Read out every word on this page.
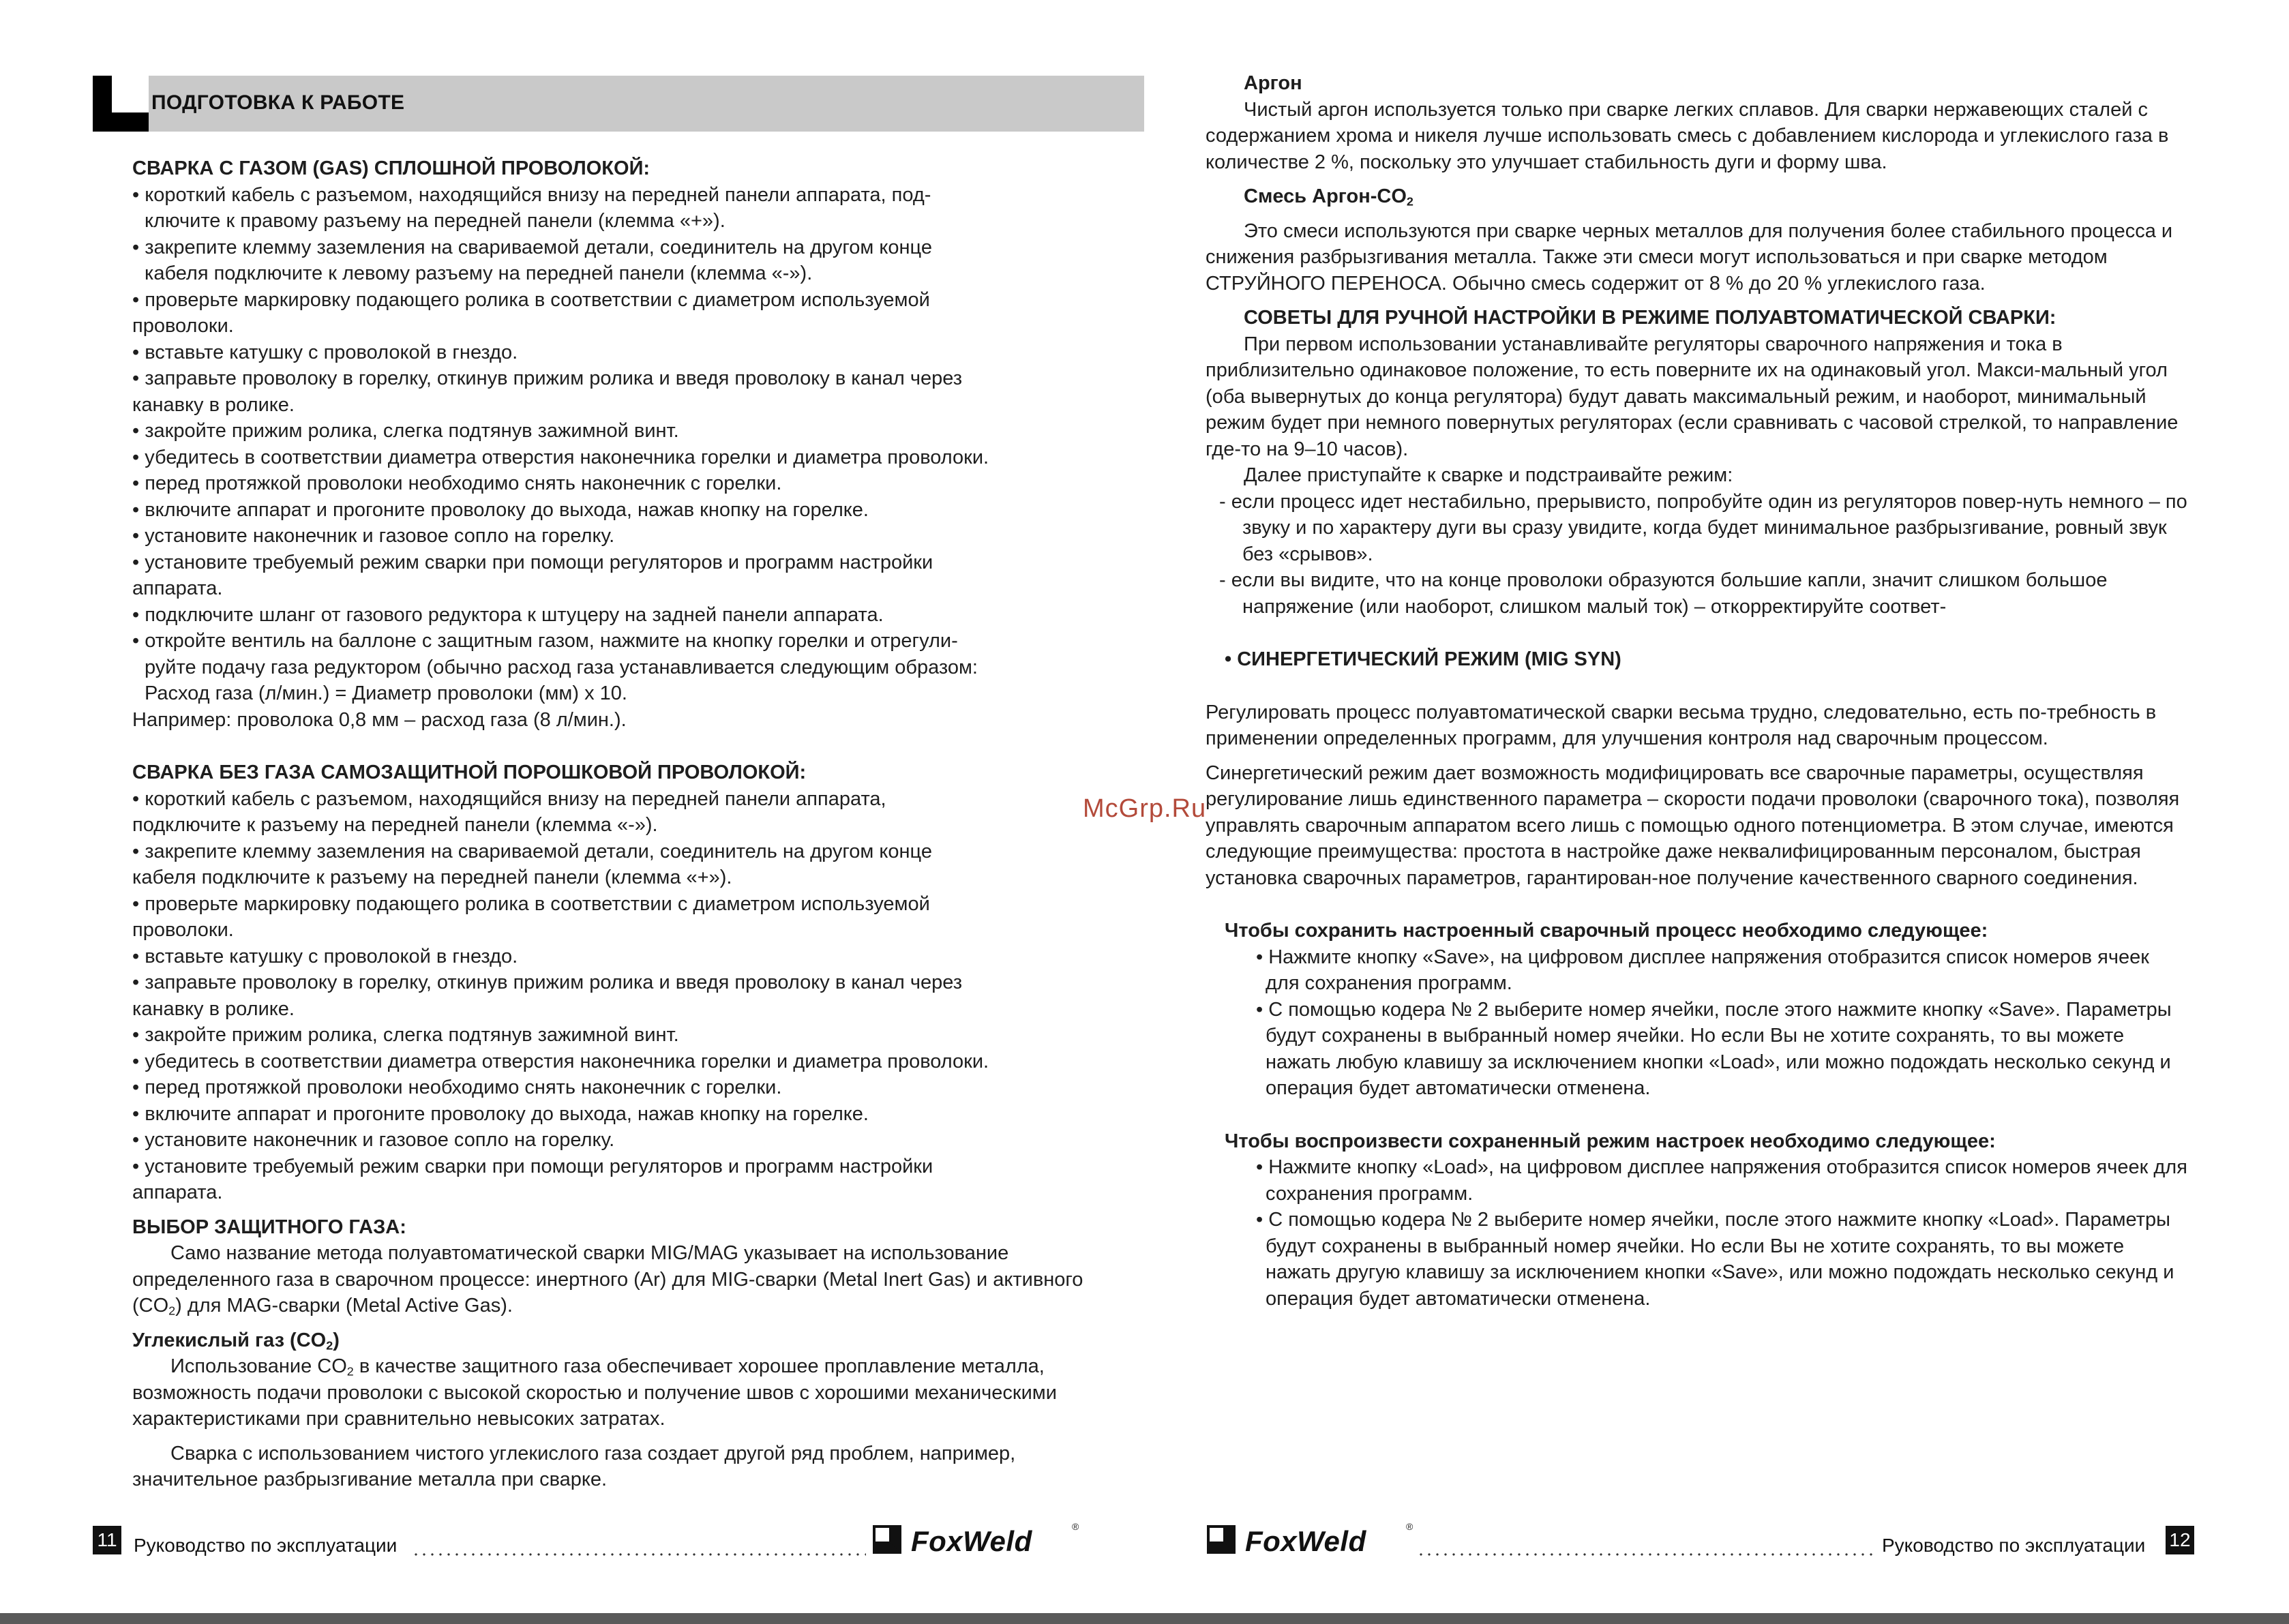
ПОДГОТОВКА К РАБОТЕ

СВАРКА С ГАЗОМ (GAS) СПЛОШНОЙ ПРОВОЛОКОЙ:

• короткий кабель с разъемом, находящийся внизу на передней панели аппарата, под-

ключите к правому разъему на передней панели (клемма «+»).

• закрепите клемму заземления на свариваемой детали, соединитель на другом конце

кабеля подключите к левому разъему на передней панели (клемма «-»).

• проверьте маркировку подающего ролика в соответствии с диаметром используемой

проволоки.

• вставьте катушку с проволокой в гнездо.

• заправьте проволоку в горелку, откинув прижим ролика и введя проволоку в канал через

канавку в ролике.

• закройте прижим ролика, слегка подтянув зажимной винт.

• убедитесь в соответствии диаметра отверстия наконечника горелки и диаметра проволоки.

• перед протяжкой проволоки необходимо снять наконечник с горелки.

• включите аппарат и прогоните проволоку до выхода, нажав кнопку на горелке.

• установите наконечник и газовое сопло на горелку.

• установите требуемый режим сварки при помощи регуляторов и программ настройки

аппарата.

• подключите шланг от газового редуктора к штуцеру на задней панели аппарата.

• откройте вентиль на баллоне с защитным газом, нажмите на кнопку горелки и отрегули-

руйте подачу газа редуктором (обычно расход газа устанавливается следующим образом:

Расход газа (л/мин.) = Диаметр проволоки (мм) x 10.

Например: проволока 0,8 мм – расход газа (8 л/мин.).

СВАРКА БЕЗ ГАЗА САМОЗАЩИТНОЙ ПОРОШКОВОЙ ПРОВОЛОКОЙ:

• короткий кабель с разъемом, находящийся внизу на передней панели аппарата,

подключите к разъему на передней панели (клемма «-»).

• закрепите клемму заземления на свариваемой детали, соединитель на другом конце

кабеля подключите к разъему на передней панели (клемма «+»).

• проверьте маркировку подающего ролика в соответствии с диаметром используемой

проволоки.

• вставьте катушку с проволокой в гнездо.

• заправьте проволоку в горелку, откинув прижим ролика и введя проволоку в канал через

канавку в ролике.

• закройте прижим ролика, слегка подтянув зажимной винт.

• убедитесь в соответствии диаметра отверстия наконечника горелки и диаметра проволоки.

• перед протяжкой проволоки необходимо снять наконечник с горелки.

• включите аппарат и прогоните проволоку до выхода, нажав кнопку на горелке.

• установите наконечник и газовое сопло на горелку.

• установите требуемый режим сварки при помощи регуляторов и программ настройки

аппарата.

ВЫБОР ЗАЩИТНОГО ГАЗА:

Само название метода полуавтоматической сварки MIG/MAG указывает на использование определенного газа в сварочном процессе: инертного (Ar) для MIG-сварки (Metal Inert Gas) и активного $(CO_2)$ для MAG-сварки (Metal Active Gas).

Углекислый газ $(CO_2)$

Использование $CO_2$ в качестве защитного газа обеспечивает хорошее проплавление металла, возможность подачи проволоки с высокой скоростью и получение швов с хорошими механическими характеристиками при сравнительно невысоких затратах.

Сварка с использованием чистого углекислого газа создает другой ряд проблем, например, значительное разбрызгивание металла при сварке.

Аргон

Чистый аргон используется только при сварке легких сплавов. Для сварки нержавеющих сталей с содержанием хрома и никеля лучше использовать смесь с добавлением кислорода и углекислого газа в количестве 2 %, поскольку это улучшает стабильность дуги и форму шва.

Смесь Аргон-$CO_2$

Это смеси используются при сварке черных металлов для получения более стабильного процесса и снижения разбрызгивания металла. Также эти смеси могут использоваться и при сварке методом СТРУЙНОГО ПЕРЕНОСА. Обычно смесь содержит от 8 % до 20 % углекислого газа.

СОВЕТЫ ДЛЯ РУЧНОЙ НАСТРОЙКИ В РЕЖИМЕ ПОЛУАВТОМАТИЧЕСКОЙ СВАРКИ:

При первом использовании устанавливайте регуляторы сварочного напряжения и тока в приблизительно одинаковое положение, то есть поверните их на одинаковый угол. Макси-мальный угол (оба вывернутых до конца регулятора) будут давать максимальный режим, и наоборот, минимальный режим будет при немного повернутых регуляторах (если сравнивать с часовой стрелкой, то направление где-то на 9–10 часов).

Далее приступайте к сварке и подстраивайте режим:

- если процесс идет нестабильно, прерывисто, попробуйте один из регуляторов повер-нуть немного – по звуку и по характеру дуги вы сразу увидите, когда будет минимальное разбрызгивание, ровный звук без «срывов».

- если вы видите, что на конце проволоки образуются большие капли, значит слишком большое напряжение (или наоборот, слишком малый ток) – откорректируйте соответ-

• СИНЕРГЕТИЧЕСКИЙ РЕЖИМ (MIG SYN)

Регулировать процесс полуавтоматической сварки весьма трудно, следовательно, есть по-требность в применении определенных программ, для улучшения контроля над сварочным процессом.

Синергетический режим дает возможность модифицировать все сварочные параметры, осуществляя регулирование лишь единственного параметра – скорости подачи проволоки (сварочного тока), позволяя управлять сварочным аппаратом всего лишь с помощью одного потенциометра. В этом случае, имеются следующие преимущества: простота в настройке даже неквалифицированным персоналом, быстрая установка сварочных параметров, гарантирован-ное получение качественного сварного соединения.

Чтобы сохранить настроенный сварочный процесс необходимо следующее:

• Нажмите кнопку «Save», на цифровом дисплее напряжения отобразится список номеров ячеек для сохранения программ.

• С помощью кодера № 2 выберите номер ячейки, после этого нажмите кнопку «Save». Параметры будут сохранены в выбранный номер ячейки. Но если Вы не хотите сохранять, то вы можете нажать любую клавишу за исключением кнопки «Load», или можно подождать несколько секунд и операция будет автоматически отменена.

Чтобы воспроизвести сохраненный режим настроек необходимо следующее:

• Нажмите кнопку «Load», на цифровом дисплее напряжения отобразится список номеров ячеек для сохранения программ.

• С помощью кодера № 2 выберите номер ячейки, после этого нажмите кнопку «Load». Параметры будут сохранены в выбранный номер ячейки. Но если Вы не хотите сохранять, то вы можете нажать другую клавишу за исключением кнопки «Save», или можно подождать несколько секунд и операция будет автоматически отменена.

McGrp.Ru
11 Руководство по эксплуатации	FoxWeld	®	FoxWeld	®
Руководство по эксплуатации 12
